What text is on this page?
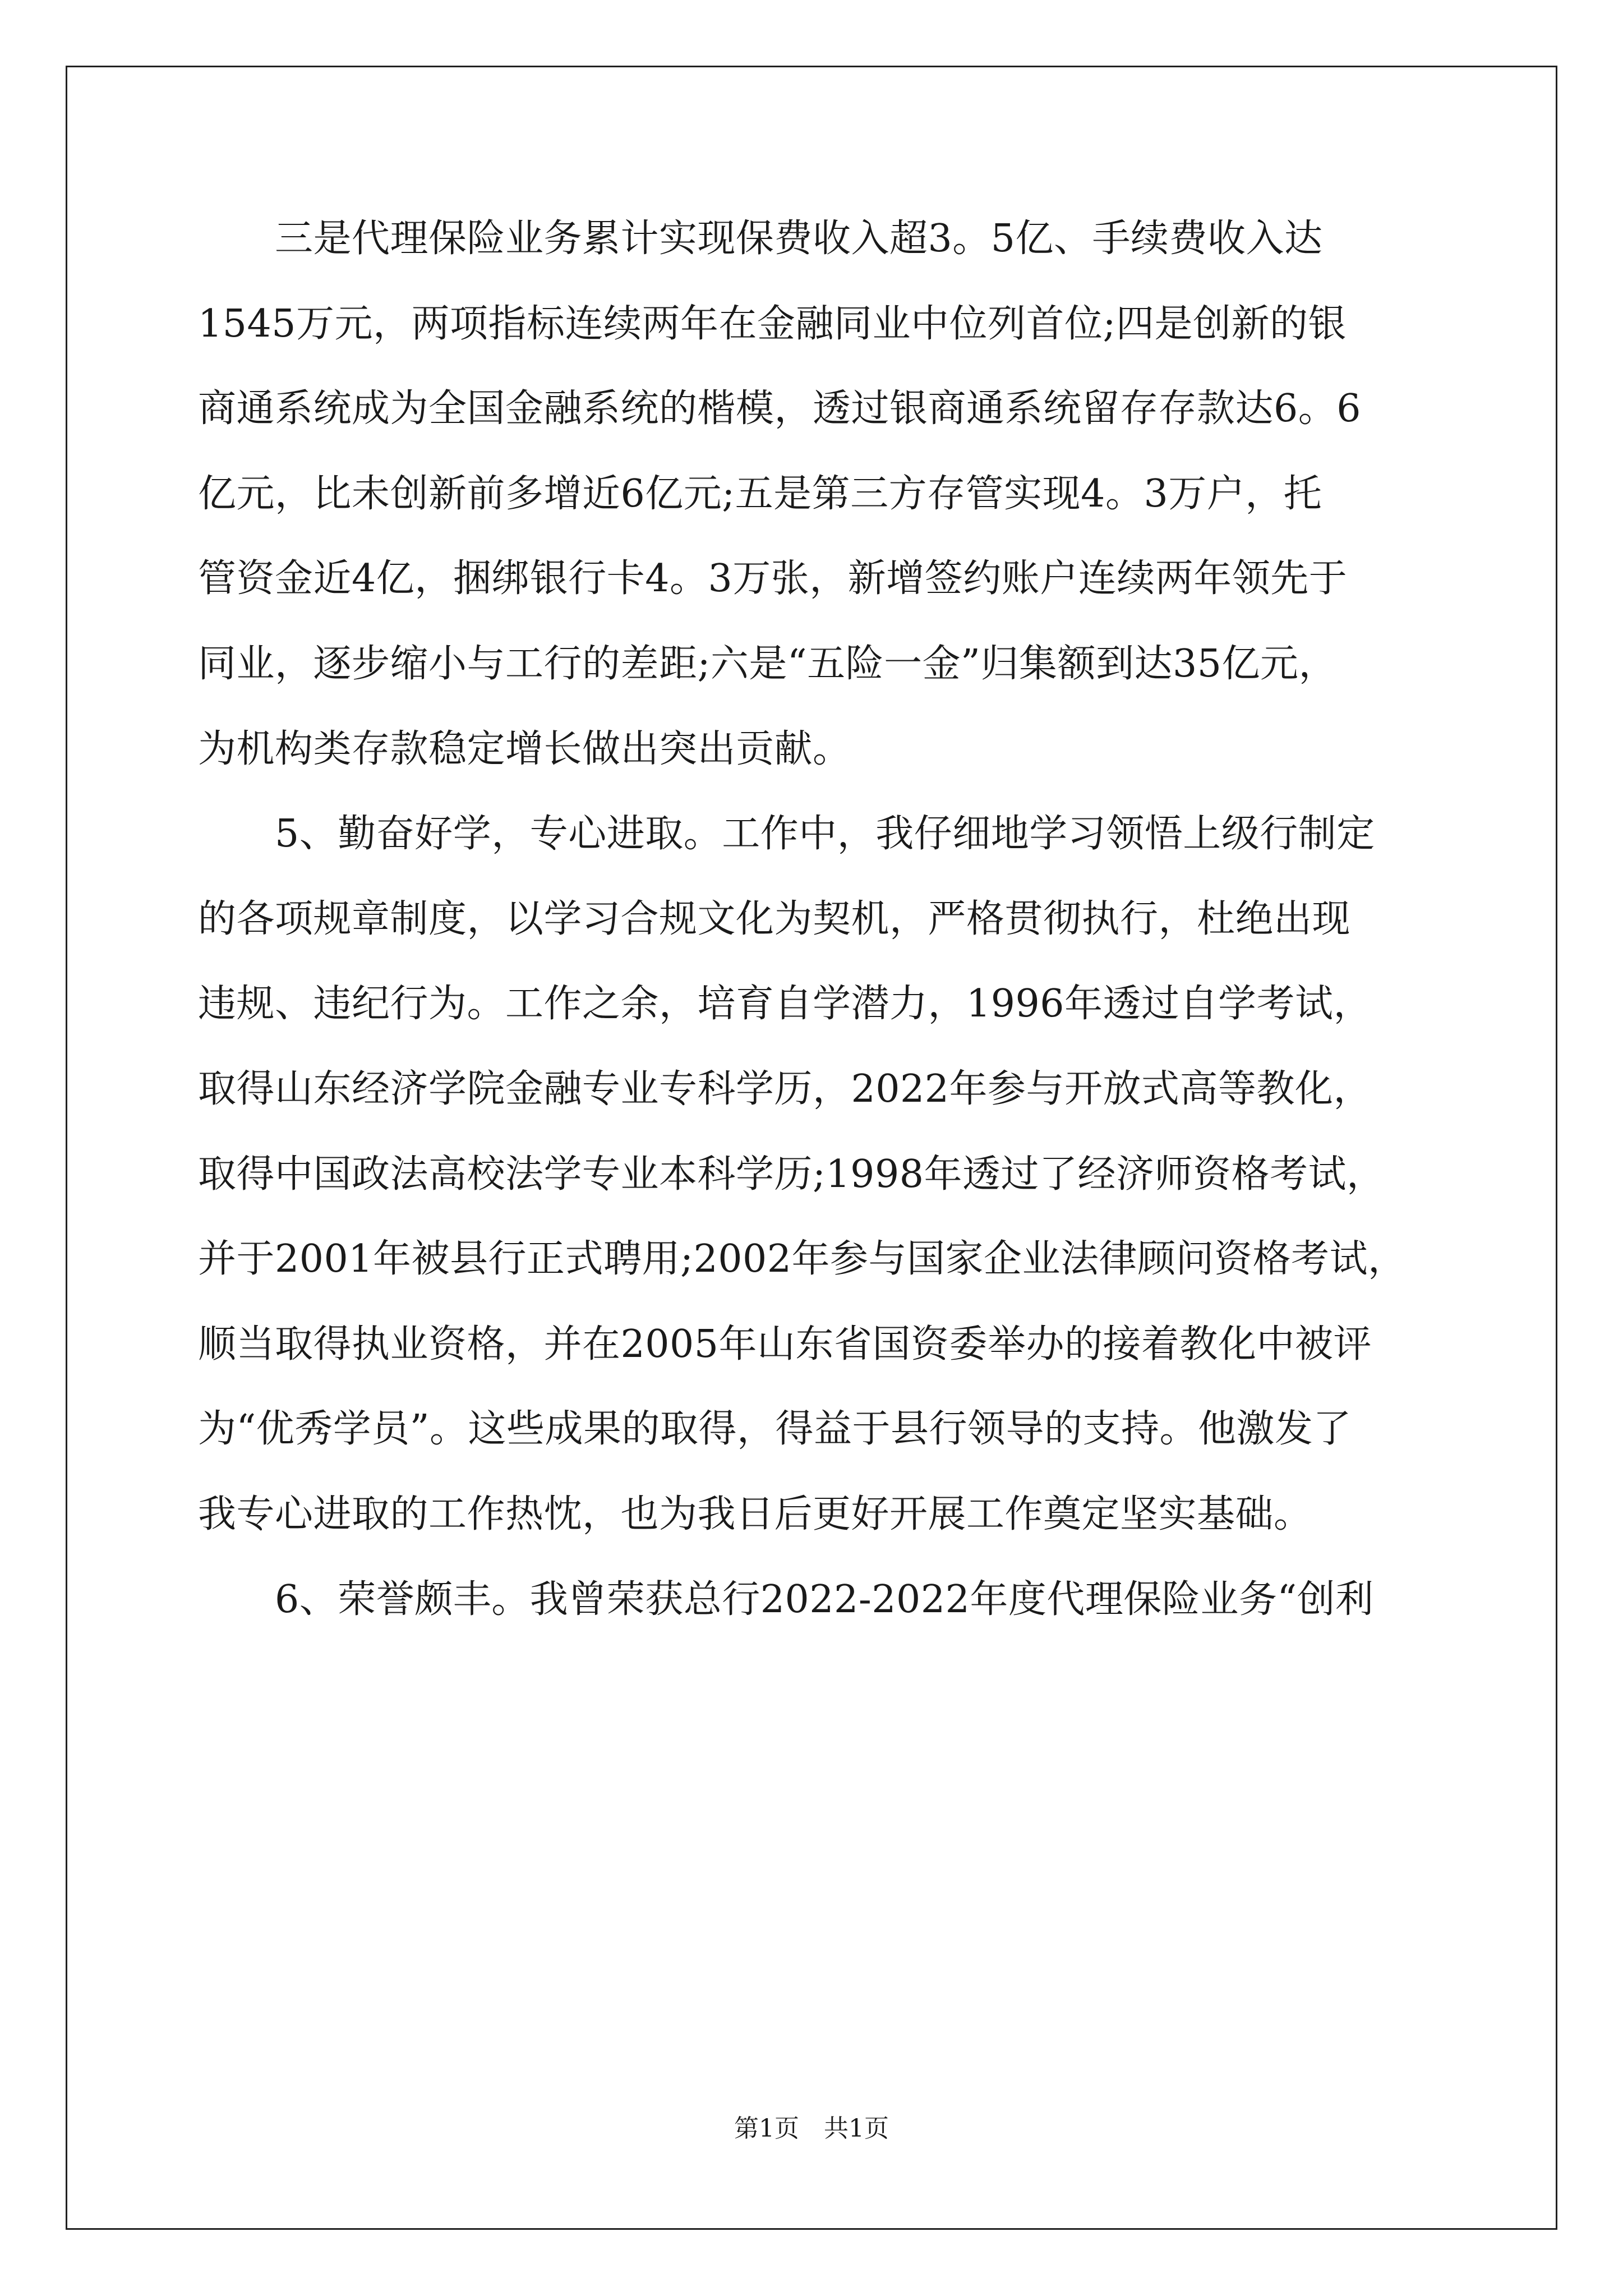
　　三是代理保险业务累计实现保费收入超3。5亿、手续费收入达
1545万元，两项指标连续两年在金融同业中位列首位;四是创新的银
商通系统成为全国金融系统的楷模，透过银商通系统留存存款达6。6
亿元，比未创新前多增近6亿元;五是第三方存管实现4。3万户，托
管资金近4亿，捆绑银行卡4。3万张，新增签约账户连续两年领先于
同业，逐步缩小与工行的差距;六是“五险一金”归集额到达35亿元，
为机构类存款稳定增长做出突出贡献。
　　5、勤奋好学，专心进取。工作中，我仔细地学习领悟上级行制定
的各项规章制度，以学习合规文化为契机，严格贯彻执行，杜绝出现
违规、违纪行为。工作之余，培育自学潜力，1996年透过自学考试，
取得山东经济学院金融专业专科学历，2022年参与开放式高等教化，
取得中国政法高校法学专业本科学历;1998年透过了经济师资格考试，
并于2001年被县行正式聘用;2002年参与国家企业法律顾问资格考试，
顺当取得执业资格，并在2005年山东省国资委举办的接着教化中被评
为“优秀学员”。这些成果的取得，得益于县行领导的支持。他激发了
我专心进取的工作热忱，也为我日后更好开展工作奠定坚实基础。
　　6、荣誉颇丰。我曾荣获总行2022-2022年度代理保险业务“创利
第1页　共1页
